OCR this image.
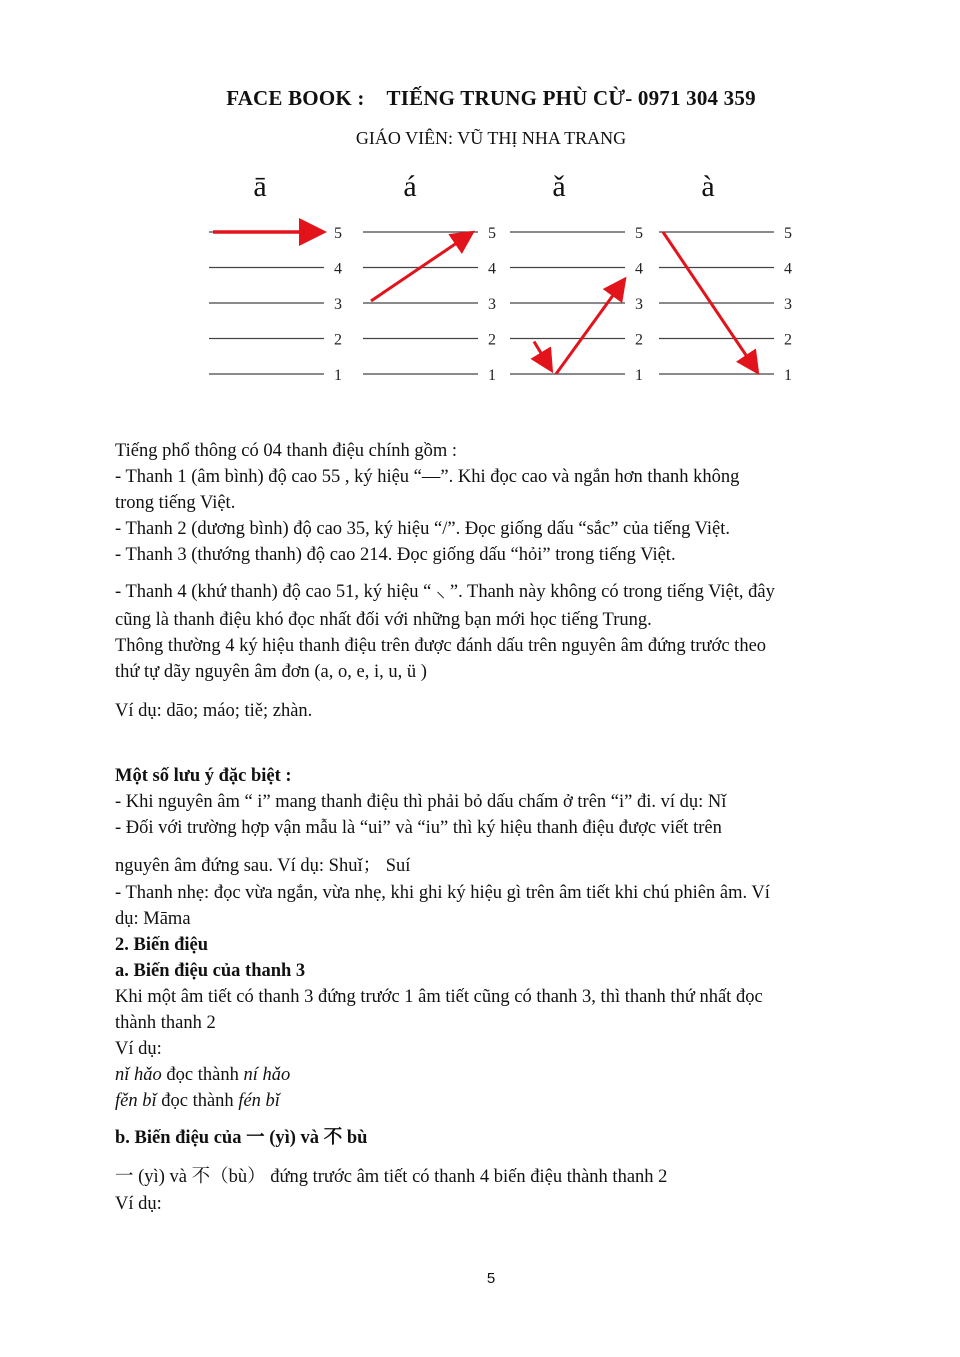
FACE BOOK : TIẾNG TRUNG PHÙ CỪ- 0971 304 359
GIÁO VIÊN: VŨ THỊ NHA TRANG
ā	á	ǎ	à
5
4
3
2
1
5
4
3
2
1
5
4
3
2
1
5
4
3
2
1
Tiếng phổ thông có 04 thanh điệu chính gồm :
- Thanh 1 (âm bình) độ cao 55 , ký hiệu “—”. Khi đọc cao và ngắn hơn thanh không
trong tiếng Việt.
- Thanh 2 (dương bình) độ cao 35, ký hiệu “/”. Đọc giống dấu “sắc” của tiếng Việt.
- Thanh 3 (thướng thanh) độ cao 214. Đọc giống dấu “hỏi” trong tiếng Việt.
- Thanh 4 (khứ thanh) độ cao 51, ký hiệu “ ⸜ ”. Thanh này không có trong tiếng Việt, đây
cũng là thanh điệu khó đọc nhất đối với những bạn mới học tiếng Trung.
Thông thường 4 ký hiệu thanh điệu trên được đánh dấu trên nguyên âm đứng trước theo
thứ tự dãy nguyên âm đơn (a, o, e, i, u, ü )
Ví dụ: dāo; máo; tiě; zhàn.
Một số lưu ý đặc biệt :
- Khi nguyên âm “ i” mang thanh điệu thì phải bỏ dấu chấm ở trên “i” đi. ví dụ: Nǐ
- Đối với trường hợp vận mẫu là “ui” và “iu” thì ký hiệu thanh điệu được viết trên
nguyên âm đứng sau. Ví dụ: Shuǐ； Suí
- Thanh nhẹ: đọc vừa ngắn, vừa nhẹ, khi ghi ký hiệu gì trên âm tiết khi chú phiên âm. Ví
dụ: Māma
2. Biến điệu
a. Biến điệu của thanh 3
Khi một âm tiết có thanh 3 đứng trước 1 âm tiết cũng có thanh 3, thì thanh thứ nhất đọc
thành thanh 2
Ví dụ:
nǐ hǎo đọc thành ní hǎo
fěn bǐ đọc thành fén bǐ
b. Biến điệu của 一 (yì) và 不 bù
一 (yì) và 不（bù） đứng trước âm tiết có thanh 4 biến điệu thành thanh 2
Ví dụ:
5
